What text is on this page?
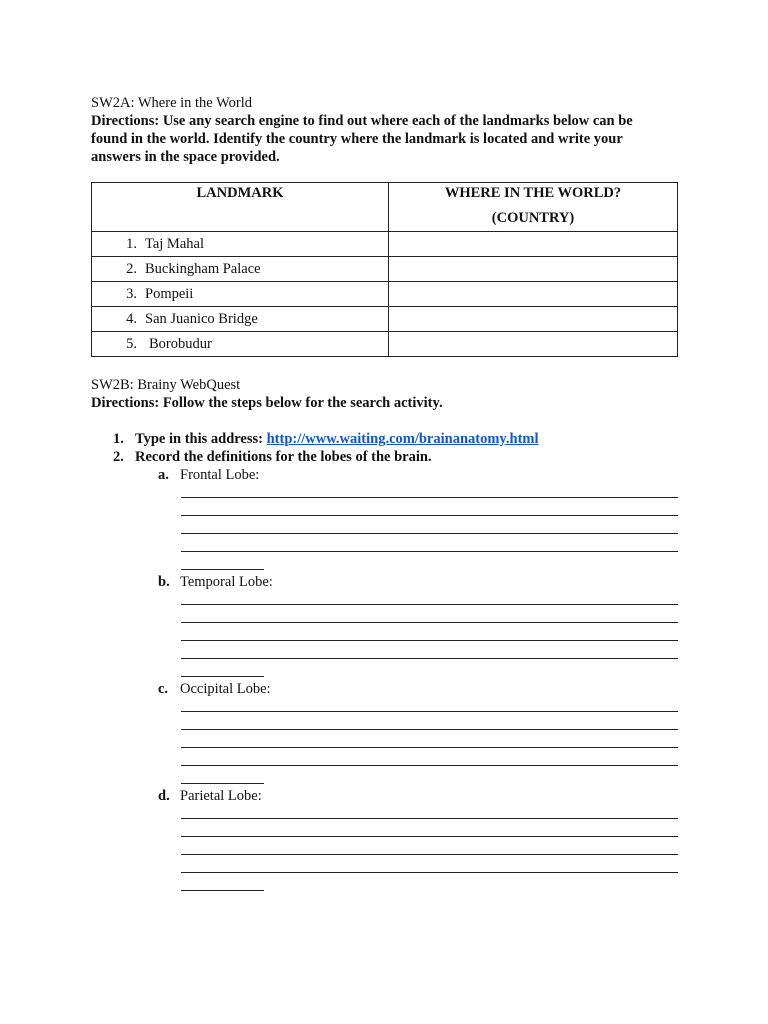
SW2A: Where in the World
Directions: Use any search engine to find out where each of the landmarks below can be
found in the world. Identify the country where the landmark is located and write your
answers in the space provided.
LANDMARK	WHERE IN THE WORLD?
(COUNTRY)

1. Taj Mahal	
2. Buckingham Palace	
3. Pompeii	
4. San Juanico Bridge	
5. Borobudur	
SW2B: Brainy WebQuest
Directions: Follow the steps below for the search activity.
1. Type in this address: http://www.waiting.com/brainanatomy.html
2. Record the definitions for the lobes of the brain.
a. Frontal Lobe:
b. Temporal Lobe:
c. Occipital Lobe:
d. Parietal Lobe:
